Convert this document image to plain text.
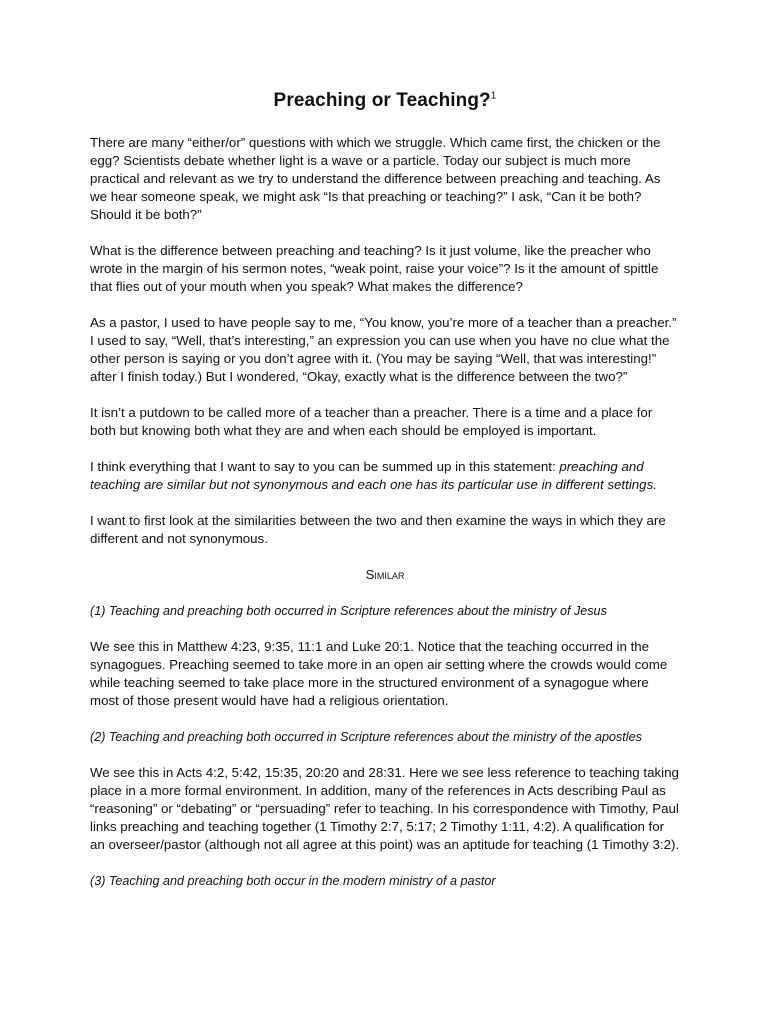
Preaching or Teaching?$^1$

There are many “either/or” questions with which we struggle. Which came first, the chicken or the egg? Scientists debate whether light is a wave or a particle. Today our subject is much more practical and relevant as we try to understand the difference between preaching and teaching. As we hear someone speak, we might ask “Is that preaching or teaching?” I ask, “Can it be both? Should it be both?”

What is the difference between preaching and teaching? Is it just volume, like the preacher who wrote in the margin of his sermon notes, “weak point, raise your voice”? Is it the amount of spittle that flies out of your mouth when you speak? What makes the difference?

As a pastor, I used to have people say to me, “You know, you’re more of a teacher than a preacher.” I used to say, “Well, that’s interesting,” an expression you can use when you have no clue what the other person is saying or you don’t agree with it. (You may be saying “Well, that was interesting!” after I finish today.) But I wondered, “Okay, exactly what is the difference between the two?”

It isn’t a putdown to be called more of a teacher than a preacher. There is a time and a place for both but knowing both what they are and when each should be employed is important.

I think everything that I want to say to you can be summed up in this statement: preaching and teaching are similar but not synonymous and each one has its particular use in different settings.

I want to first look at the similarities between the two and then examine the ways in which they are different and not synonymous.

Similar

(1) Teaching and preaching both occurred in Scripture references about the ministry of Jesus

We see this in Matthew 4:23, 9:35, 11:1 and Luke 20:1. Notice that the teaching occurred in the synagogues. Preaching seemed to take more in an open air setting where the crowds would come while teaching seemed to take place more in the structured environment of a synagogue where most of those present would have had a religious orientation.

(2) Teaching and preaching both occurred in Scripture references about the ministry of the apostles

We see this in Acts 4:2, 5:42, 15:35, 20:20 and 28:31. Here we see less reference to teaching taking place in a more formal environment. In addition, many of the references in Acts describing Paul as “reasoning” or “debating” or “persuading” refer to teaching. In his correspondence with Timothy, Paul links preaching and teaching together (1 Timothy 2:7, 5:17; 2 Timothy 1:11, 4:2). A qualification for an overseer/pastor (although not all agree at this point) was an aptitude for teaching (1 Timothy 3:2).

(3) Teaching and preaching both occur in the modern ministry of a pastor
